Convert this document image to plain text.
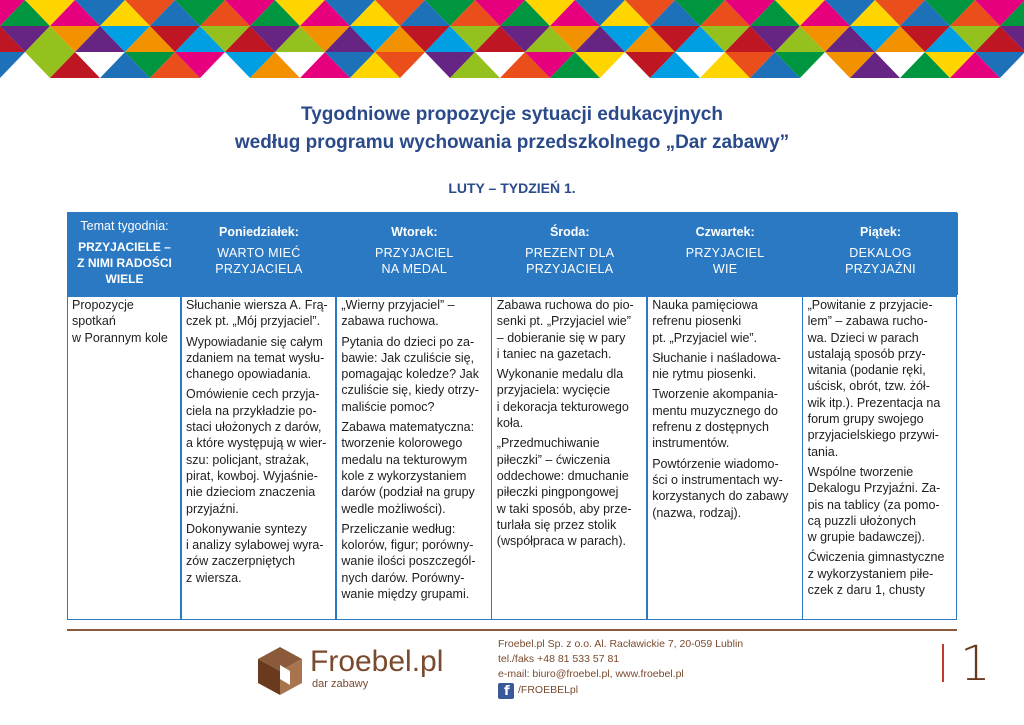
Tygodniowe propozycje sytuacji edukacyjnych
według programu wychowania przedszkolnego „Dar zabawy”
LUTY – TYDZIEŃ 1.
Temat tygodnia:
PRZYJACIELE –
Z NIMI RADOŚCI
WIELE
Propozycje
spotkań
w Porannym kole
Poniedziałek:
WARTO MIEĆ
PRZYJACIELA

Słuchanie wiersza A. Frą-
czek pt. „Mój przyjaciel”.

Wypowiadanie się całym
zdaniem na temat wysłu-
chanego opowiadania.

Omówienie cech przyja-
ciela na przykładzie po-
staci ułożonych z darów,
a które występują w wier-
szu: policjant, strażak,
pirat, kowboj. Wyjaśnie-
nie dzieciom znaczenia
przyjaźni.

Dokonywanie syntezy
i analizy sylabowej wyra-
zów zaczerpniętych
z wiersza.

Wtorek:
PRZYJACIEL
NA MEDAL

„Wierny przyjaciel” –
zabawa ruchowa.

Pytania do dzieci po za-
bawie: Jak czuliście się,
pomagając koledze? Jak
czuliście się, kiedy otrzy-
maliście pomoc?

Zabawa matematyczna:
tworzenie kolorowego
medalu na tekturowym
kole z wykorzystaniem
darów (podział na grupy
wedle możliwości).

Przeliczanie według:
kolorów, figur; porówny-
wanie ilości poszczegól-
nych darów. Porówny-
wanie między grupami.

Środa:
PREZENT DLA
PRZYJACIELA

Zabawa ruchowa do pio-
senki pt. „Przyjaciel wie”
– dobieranie się w pary
i taniec na gazetach.

Wykonanie medalu dla
przyjaciela: wycięcie
i dekoracja tekturowego
koła.

„Przedmuchiwanie
piłeczki” – ćwiczenia
oddechowe: dmuchanie
piłeczki pingpongowej
w taki sposób, aby prze-
turlała się przez stolik
(współpraca w parach).

Czwartek:
PRZYJACIEL
WIE

Nauka pamięciowa
refrenu piosenki
pt. „Przyjaciel wie”.

Słuchanie i naśladowa-
nie rytmu piosenki.

Tworzenie akompania-
mentu muzycznego do
refrenu z dostępnych
instrumentów.

Powtórzenie wiadomo-
ści o instrumentach wy-
korzystanych do zabawy
(nazwa, rodzaj).

Piątek:
DEKALOG
PRZYJAŹNI

„Powitanie z przyjacie-
lem” – zabawa rucho-
wa. Dzieci w parach
ustalają sposób przy-
witania (podanie ręki,
uścisk, obrót, tzw. żół-
wik itp.). Prezentacja na
forum grupy swojego
przyjacielskiego przywi-
tania.

Wspólne tworzenie
Dekalogu Przyjaźni. Za-
pis na tablicy (za pomo-
cą puzzli ułożonych
w grupie badawczej).

Ćwiczenia gimnastyczne
z wykorzystaniem piłe-
czek z daru 1, chusty

Froebel.pl
dar zabawy
Froebel.pl Sp. z o.o. Al. Racławickie 7, 20-059 Lublin
tel./faks +48 81 533 57 81
e-mail: biuro@froebel.pl, www.froebel.pl
f /FROEBELpl	1
